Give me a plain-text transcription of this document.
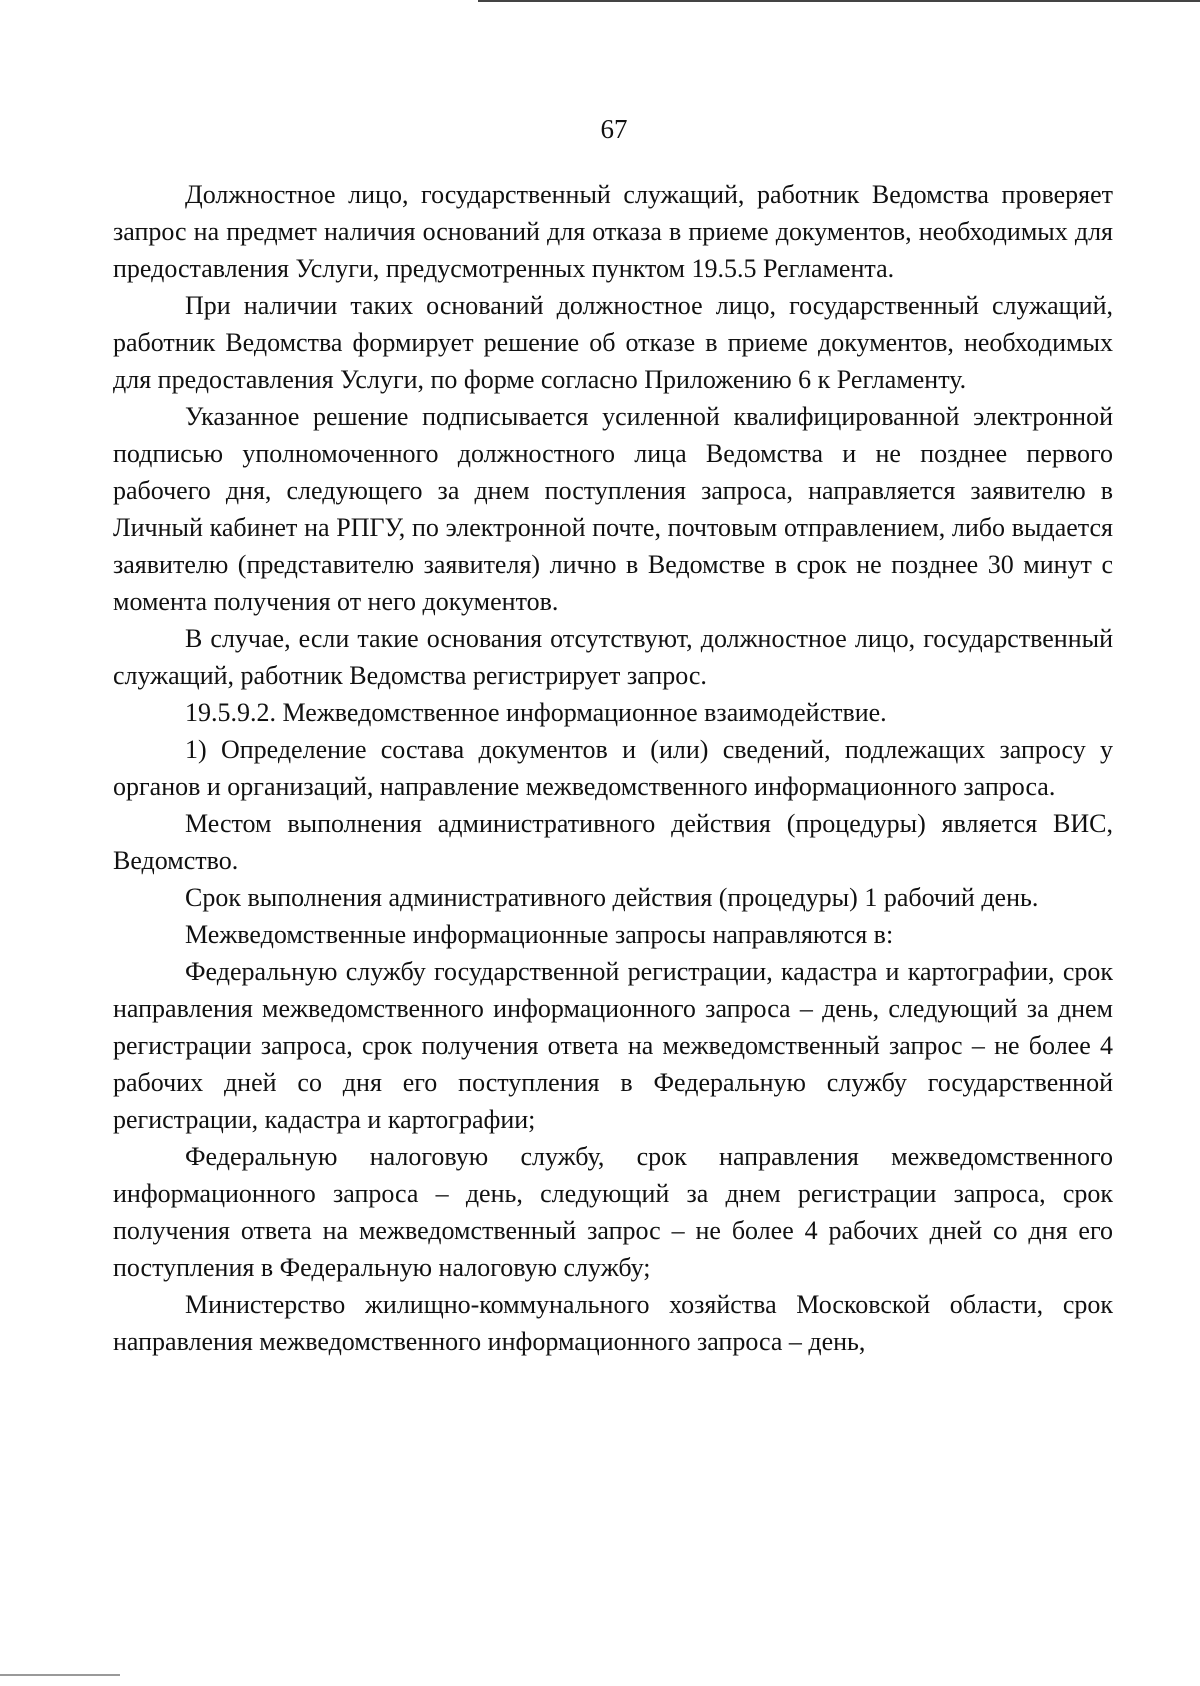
67

Должностное лицо, государственный служащий, работник Ведомства проверяет запрос на предмет наличия оснований для отказа в приеме документов, необходимых для предоставления Услуги, предусмотренных пунктом 19.5.5 Регламента.

При наличии таких оснований должностное лицо, государственный служащий, работник Ведомства формирует решение об отказе в приеме документов, необходимых для предоставления Услуги, по форме согласно Приложению 6 к Регламенту.

Указанное решение подписывается усиленной квалифицированной электронной подписью уполномоченного должностного лица Ведомства и не позднее первого рабочего дня, следующего за днем поступления запроса, направляется заявителю в Личный кабинет на РПГУ, по электронной почте, почтовым отправлением, либо выдается заявителю (представителю заявителя) лично в Ведомстве в срок не позднее 30 минут с момента получения от него документов.

В случае, если такие основания отсутствуют, должностное лицо, государственный служащий, работник Ведомства регистрирует запрос.

19.5.9.2. Межведомственное информационное взаимодействие.

1) Определение состава документов и (или) сведений, подлежащих запросу у органов и организаций, направление межведомственного информационного запроса.

Местом выполнения административного действия (процедуры) является ВИС, Ведомство.

Срок выполнения административного действия (процедуры) 1 рабочий день.

Межведомственные информационные запросы направляются в:

Федеральную службу государственной регистрации, кадастра и картографии, срок направления межведомственного информационного запроса – день, следующий за днем регистрации запроса, срок получения ответа на межведомственный запрос – не более 4 рабочих дней со дня его поступления в Федеральную службу государственной регистрации, кадастра и картографии;

Федеральную налоговую службу, срок направления межведомственного информационного запроса – день, следующий за днем регистрации запроса, срок получения ответа на межведомственный запрос – не более 4 рабочих дней со дня его поступления в Федеральную налоговую службу;

Министерство жилищно-коммунального хозяйства Московской области, срок направления межведомственного информационного запроса – день,
